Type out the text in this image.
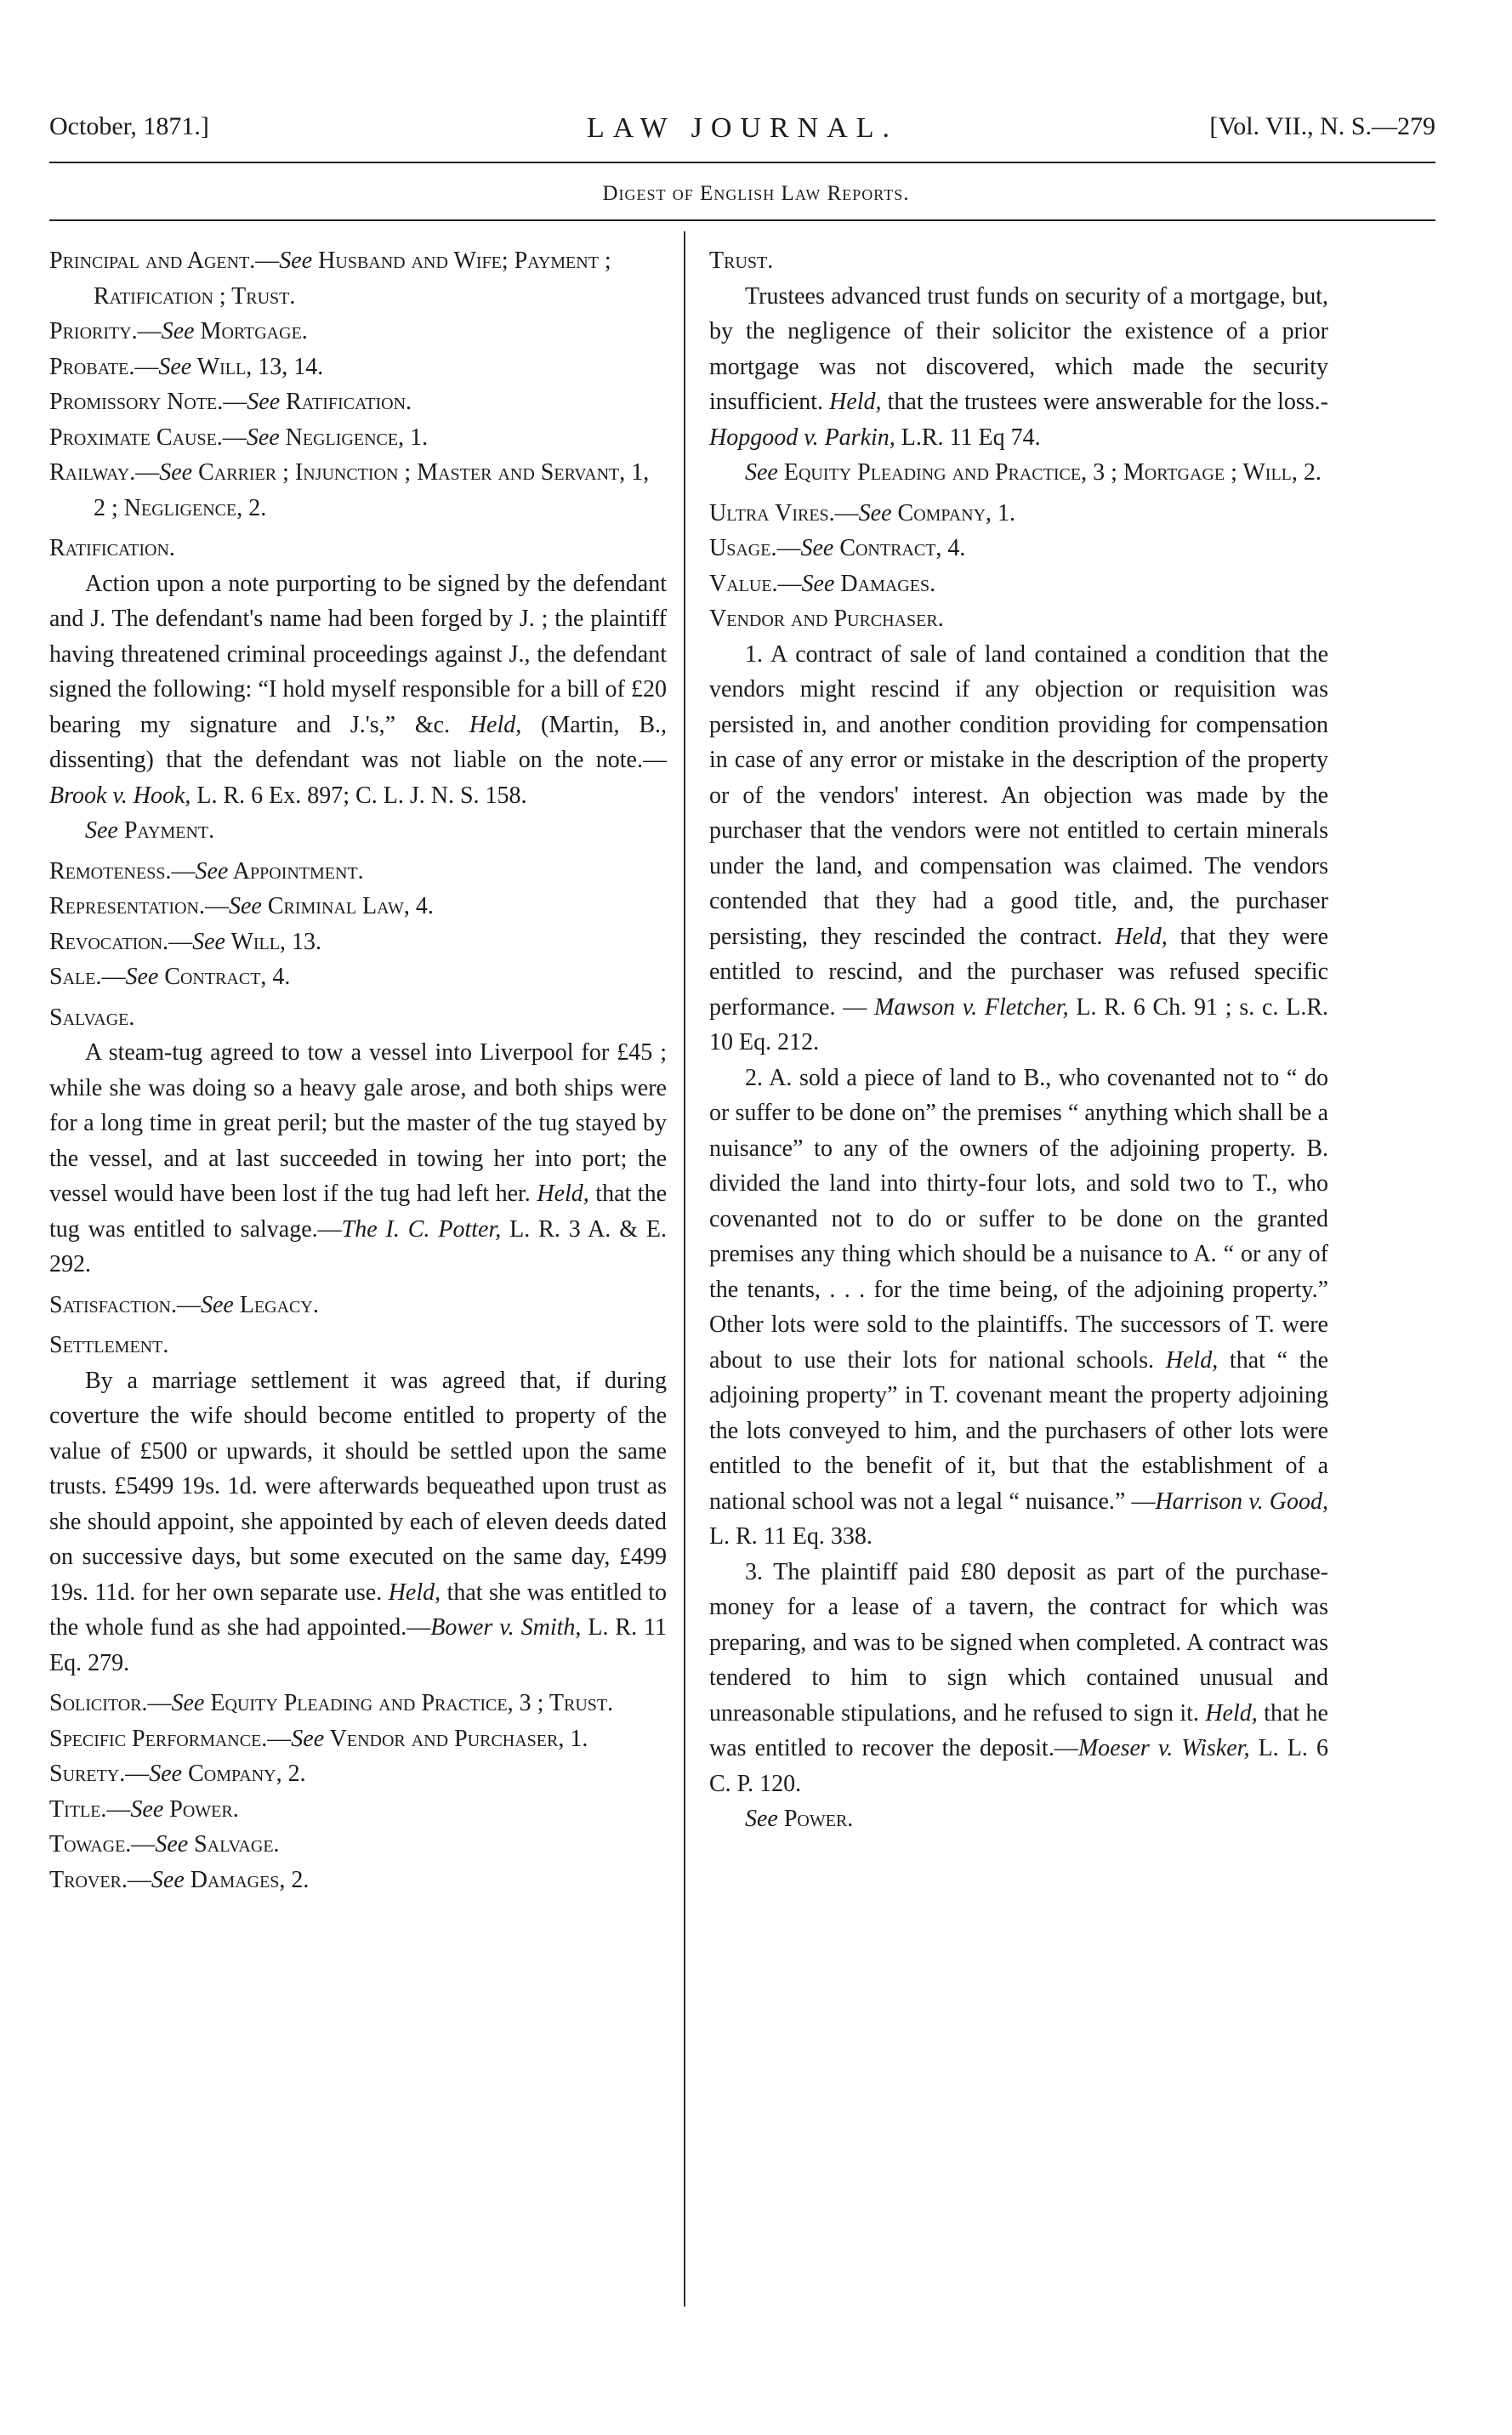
October, 1871.]	LAW JOURNAL.	[Vol. VII., N. S.—279
Digest of English Law Reports.

Principal and Agent.—See Husband and Wife; Payment ; Ratification ; Trust.

Priority.—See Mortgage.

Probate.—See Will, 13, 14.

Promissory Note.—See Ratification.

Proximate Cause.—See Negligence, 1.

Railway.—See Carrier ; Injunction ; Master and Servant, 1, 2 ; Negligence, 2.

Ratification.

Action upon a note purporting to be signed by the defendant and J. The defendant's name had been forged by J. ; the plaintiff having threatened criminal proceedings against J., the defendant signed the following: “I hold myself responsible for a bill of £20 bearing my signature and J.'s,” &c. Held, (Martin, B., dissenting) that the defendant was not liable on the note.—Brook v. Hook, L. R. 6 Ex. 897; C. L. J. N. S. 158.

See Payment.

Remoteness.—See Appointment.

Representation.—See Criminal Law, 4.

Revocation.—See Will, 13.

Sale.—See Contract, 4.

Salvage.

A steam-tug agreed to tow a vessel into Liverpool for £45 ; while she was doing so a heavy gale arose, and both ships were for a long time in great peril; but the master of the tug stayed by the vessel, and at last succeeded in towing her into port; the vessel would have been lost if the tug had left her. Held, that the tug was entitled to salvage.—The I. C. Potter, L. R. 3 A. & E. 292.

Satisfaction.—See Legacy.

Settlement.

By a marriage settlement it was agreed that, if during coverture the wife should become entitled to property of the value of £500 or upwards, it should be settled upon the same trusts. £5499 19s. 1d. were afterwards bequeathed upon trust as she should appoint, she appointed by each of eleven deeds dated on successive days, but some executed on the same day, £499 19s. 11d. for her own separate use. Held, that she was entitled to the whole fund as she had appointed.—Bower v. Smith, L. R. 11 Eq. 279.

Solicitor.—See Equity Pleading and Practice, 3 ; Trust.

Specific Performance.—See Vendor and Purchaser, 1.

Surety.—See Company, 2.

Title.—See Power.

Towage.—See Salvage.

Trover.—See Damages, 2.

Trust.

Trustees advanced trust funds on security of a mortgage, but, by the negligence of their solicitor the existence of a prior mortgage was not discovered, which made the security insufficient. Held, that the trustees were answerable for the loss.-Hopgood v. Parkin, L.R. 11 Eq 74.

See Equity Pleading and Practice, 3 ; Mortgage ; Will, 2.

Ultra Vires.—See Company, 1.

Usage.—See Contract, 4.

Value.—See Damages.

Vendor and Purchaser.

1. A contract of sale of land contained a condition that the vendors might rescind if any objection or requisition was persisted in, and another condition providing for compensation in case of any error or mistake in the description of the property or of the vendors' interest. An objection was made by the purchaser that the vendors were not entitled to certain minerals under the land, and compensation was claimed. The vendors contended that they had a good title, and, the purchaser persisting, they rescinded the contract. Held, that they were entitled to rescind, and the purchaser was refused specific performance. — Mawson v. Fletcher, L. R. 6 Ch. 91 ; s. c. L.R. 10 Eq. 212.

2. A. sold a piece of land to B., who covenanted not to “ do or suffer to be done on” the premises “ anything which shall be a nuisance” to any of the owners of the adjoining property. B. divided the land into thirty-four lots, and sold two to T., who covenanted not to do or suffer to be done on the granted premises any thing which should be a nuisance to A. “ or any of the tenants, . . . for the time being, of the adjoining property.” Other lots were sold to the plaintiffs. The successors of T. were about to use their lots for national schools. Held, that “ the adjoining property” in T. covenant meant the property adjoining the lots conveyed to him, and the purchasers of other lots were entitled to the benefit of it, but that the establishment of a national school was not a legal “ nuisance.” —Harrison v. Good, L. R. 11 Eq. 338.

3. The plaintiff paid £80 deposit as part of the purchase-money for a lease of a tavern, the contract for which was preparing, and was to be signed when completed. A contract was tendered to him to sign which contained unusual and unreasonable stipulations, and he refused to sign it. Held, that he was entitled to recover the deposit.—Moeser v. Wisker, L. L. 6 C. P. 120.

See Power.
